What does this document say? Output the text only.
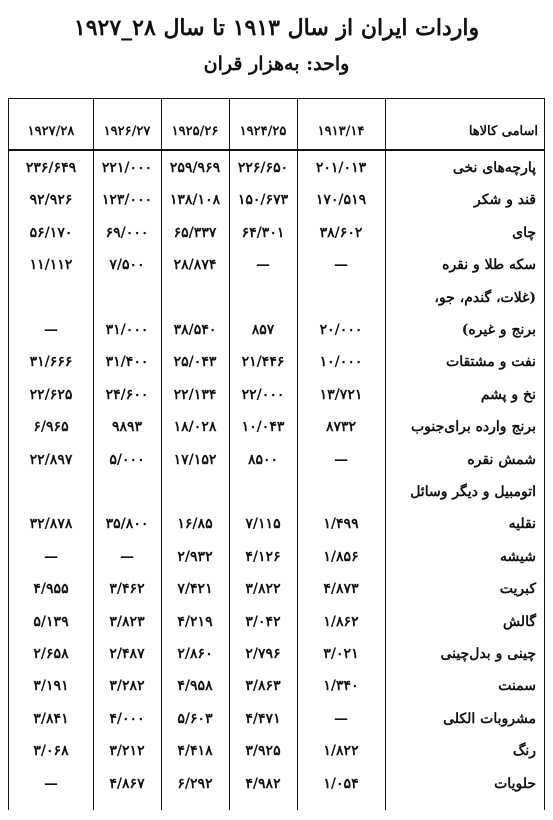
واردات ایران از سال ۱۹۱۳ تا سال ۲۸_۱۹۲۷
واحد: به‌هزار قران
اسامی کالاها
۱۹۱۳/۱۴
۱۹۲۴/۲۵
۱۹۲۵/۲۶
۱۹۲۶/۲۷
۱۹۲۷/۲۸
پارچه‌های نخی
۲۰۱/۰۱۳
۲۲۶/۶۵۰
۲۵۹/۹۶۹
۲۲۱/۰۰۰
۲۳۶/۶۴۹
قند و شکر
۱۷۰/۵۱۹
۱۵۰/۶۷۳
۱۳۸/۱۰۸
۱۲۳/۰۰۰
۹۲/۹۲۶
چای
۳۸/۶۰۲
۶۴/۳۰۱
۶۵/۳۳۷
۶۹/۰۰۰
۵۶/۱۷۰
سکه طلا و نقره
—
—
۲۸/۸۷۴
۷/۵۰۰
۱۱/۱۱۲
(غلات، گندم، جو،
برنج و غیره)
۲۰/۰۰۰
۸۵۷
۳۸/۵۴۰
۳۱/۰۰۰
—
نفت و مشتقات
۱۰/۰۰۰
۲۱/۴۴۶
۲۵/۰۴۳
۳۱/۴۰۰
۳۱/۶۶۶
نخ و پشم
۱۳/۷۲۱
۲۲/۰۰۰
۲۲/۱۳۴
۲۴/۶۰۰
۲۲/۶۲۵
برنج وارده برای‌جنوب
۸۷۳۲
۱۰/۰۴۳
۱۸/۰۲۸
۹۸۹۳
۶/۹۶۵
شمش نقره
—
۸۵۰۰
۱۷/۱۵۲
۵/۰۰۰
۲۲/۸۹۷
اتومبیل و دیگر وسائل
نقلیه
۱/۴۹۹
۷/۱۱۵
۱۶/۸۵
۳۵/۸۰۰
۳۲/۸۷۸
شیشه
۱/۸۵۶
۴/۱۲۶
۲/۹۳۲
—
—
کبریت
۴/۸۷۳
۳/۸۲۲
۷/۴۲۱
۳/۴۶۲
۴/۹۵۵
گالش
۱/۸۶۲
۳/۰۴۲
۴/۲۱۹
۳/۸۲۳
۵/۱۳۹
چینی و بدل‌چینی
۳/۰۲۱
۲/۷۹۶
۲/۸۶۰
۲/۴۸۷
۲/۶۵۸
سمنت
۱/۳۴۰
۳/۸۶۳
۴/۹۵۸
۳/۲۸۲
۳/۱۹۱
مشروبات الکلی
—
۴/۴۷۱
۵/۶۰۳
۴/۰۰۰
۳/۸۴۱
رنگ
۱/۸۲۲
۳/۹۲۵
۴/۴۱۸
۳/۲۱۲
۳/۰۶۸
حلویات
۱/۰۵۴
۴/۹۸۲
۶/۲۹۲
۴/۸۶۷
—
